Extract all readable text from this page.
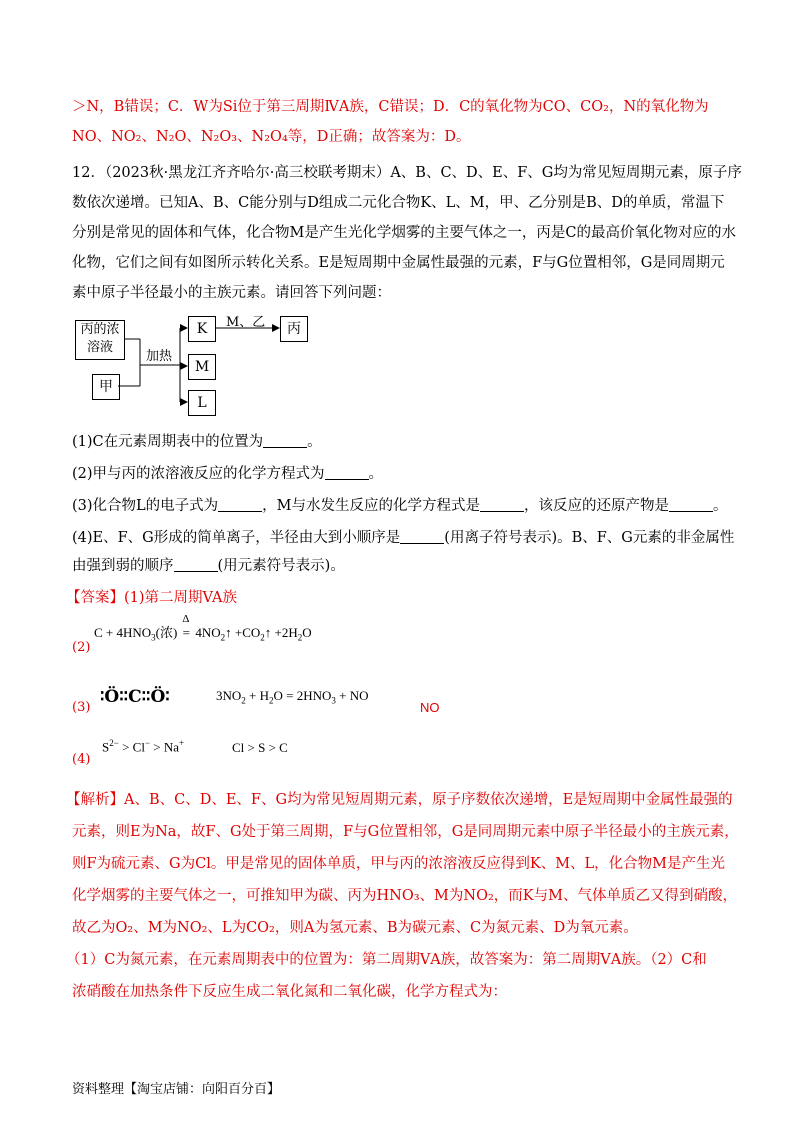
＞N，B错误；C．W为Si位于第三周期ⅣA族，C错误；D．C的氧化物为CO、CO₂，N的氧化物为
NO、NO₂、N₂O、N₂O₃、N₂O₄等，D正确；故答案为：D。
12．（2023秋·黑龙江齐齐哈尔·高三校联考期末）A、B、C、D、E、F、G均为常见短周期元素，原子序
数依次递增。已知A、B、C能分别与D组成二元化合物K、L、M，甲、乙分别是B、D的单质，常温下
分别是常见的固体和气体，化合物M是产生光化学烟雾的主要气体之一，丙是C的最高价氧化物对应的水
化物，它们之间有如图所示转化关系。E是短周期中金属性最强的元素，F与G位置相邻，G是同周期元
素中原子半径最小的主族元素。请回答下列问题：
丙的浓溶液
甲
K
M
L
丙
加热
M、乙
(1)C在元素周期表中的位置为	。
(2)甲与丙的浓溶液反应的化学方程式为	。
(3)化合物L的电子式为	，M与水发生反应的化学方程式是	，该反应的还原产物是	。
(4)E、F、G形成的简单离子，半径由大到小顺序是	(用离子符号表示)。B、F、G元素的非金属性
由强到弱的顺序	(用元素符号表示)。
【答案】(1)第二周期VA族
(2)
$C + 4HNO_3$(浓)
Δ
= $4NO_2↑$ $+CO_2↑ +2H_2O$
(3)
∶Ö∶∶C∶∶Ö∶	$3NO_2 + H_2O = 2HNO_3$ + NO
NO
(4)
$S^{2-} > Cl^- > Na^+$	Cl > S > C
【解析】A、B、C、D、E、F、G均为常见短周期元素，原子序数依次递增，E是短周期中金属性最强的
元素，则E为Na，故F、G处于第三周期，F与G位置相邻，G是同周期元素中原子半径最小的主族元素，
则F为硫元素、G为Cl。甲是常见的固体单质，甲与丙的浓溶液反应得到K、M、L，化合物M是产生光
化学烟雾的主要气体之一，可推知甲为碳、丙为HNO₃、M为NO₂，而K与M、气体单质乙又得到硝酸，
故乙为O₂、M为NO₂、L为CO₂，则A为氢元素、B为碳元素、C为氮元素、D为氧元素。
（1）C为氮元素，在元素周期表中的位置为：第二周期ⅤA族，故答案为：第二周期ⅤA族。（2）C和
浓硝酸在加热条件下反应生成二氧化氮和二氧化碳，化学方程式为：
资料整理【淘宝店铺：向阳百分百】
